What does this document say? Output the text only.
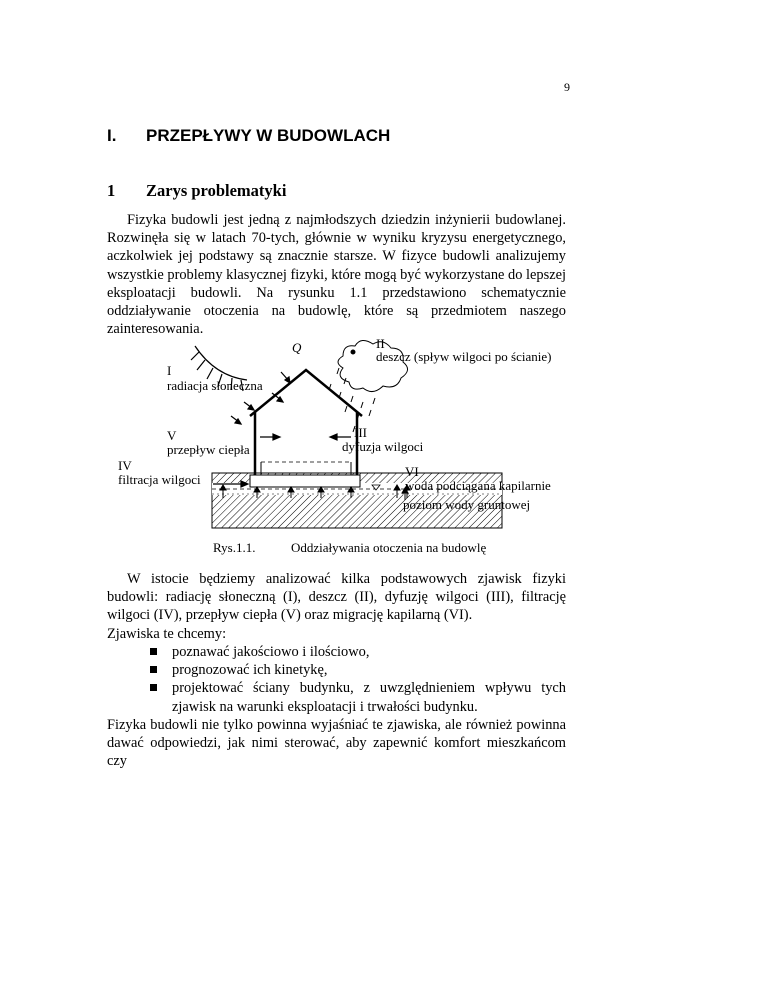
9
I. PRZEPŁYWY W BUDOWLACH
1 Zarys problematyki

Fizyka budowli jest jedną z najmłodszych dziedzin inżynierii budowlanej. Rozwinęła się w latach 70-tych, głównie w wyniku kryzysu energetycznego, aczkolwiek jej podstawy są znacznie starsze. W fizyce budowli analizujemy wszystkie problemy klasycznej fizyki, które mogą być wykorzystane do lepszej eksploatacji budowli. Na rysunku 1.1 przedstawiono schematycznie oddziaływanie otoczenia na budowlę, które są przedmiotem naszego zainteresowania.

Q
I
radiacja słoneczna
II
deszcz (spływ wilgoci po ścianie)
III
dyfuzja wilgoci
V
przepływ ciepła
IV
filtracja wilgoci
VI
woda podciągana kapilarnie
poziom wody gruntowej
Rys.1.1.	Oddziaływania otoczenia na budowlę

W istocie będziemy analizować kilka podstawowych zjawisk fizyki budowli: radiację słoneczną (I), deszcz (II), dyfuzję wilgoci (III), filtrację wilgoci (IV), przepływ ciepła (V) oraz migrację kapilarną (VI).

Zjawiska te chcemy:
poznawać jakościowo i ilościowo,
prognozować ich kinetykę,
projektować ściany budynku, z uwzględnieniem wpływu tych zjawisk na warunki eksploatacji i trwałości budynku.

Fizyka budowli nie tylko powinna wyjaśniać te zjawiska, ale również powinna dawać odpowiedzi, jak nimi sterować, aby zapewnić komfort mieszkańcom czy
